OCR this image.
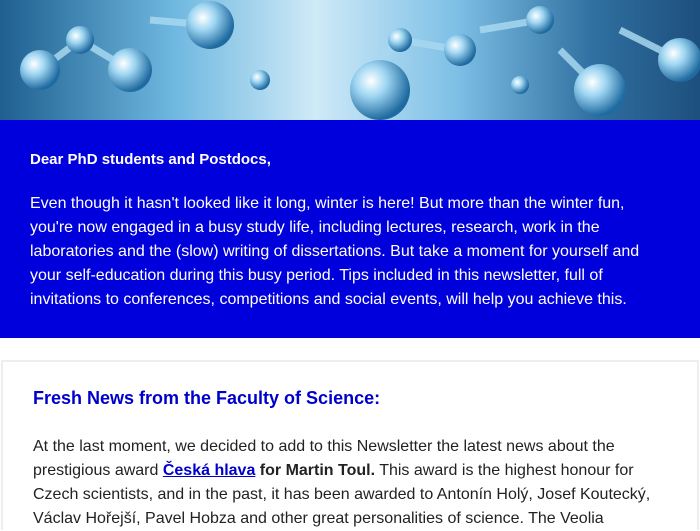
Dear PhD students and Postdocs,

Even though it hasn't looked like it long, winter is here! But more than the winter fun, you're now engaged in a busy study life, including lectures, research, work in the laboratories and the (slow) writing of dissertations. But take a moment for yourself and your self-education during this busy period. Tips included in this newsletter, full of invitations to conferences, competitions and social events, will help you achieve this.

Fresh News from the Faculty of Science:

At the last moment, we decided to add to this Newsletter the latest news about the prestigious award Česká hlava for Martin Toul. This award is the highest honour for Czech scientists, and in the past, it has been awarded to Antonín Holý, Josef Koutecký, Václav Hořejší, Pavel Hobza and other great personalities of science. The Veolia
